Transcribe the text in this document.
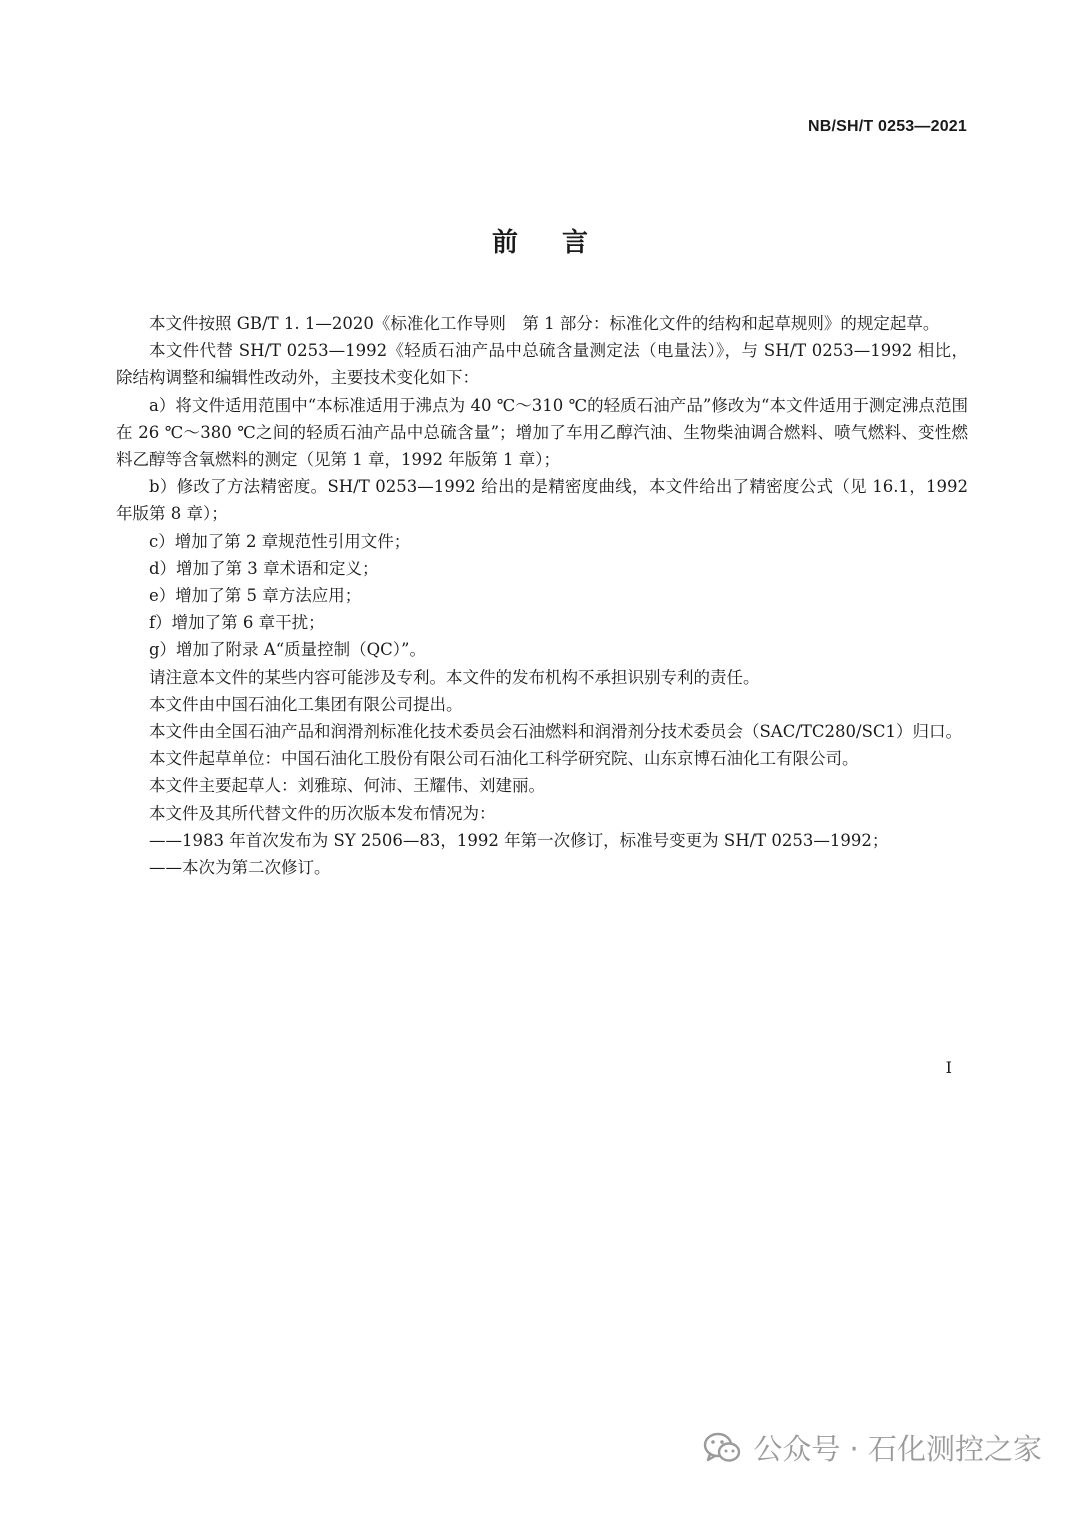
NB/SH/T 0253—2021
前言

本文件按照 GB/T 1. 1—2020《标准化工作导则　第 1 部分：标准化文件的结构和起草规则》的规定起草。

本文件代替 SH/T 0253—1992《轻质石油产品中总硫含量测定法（电量法）》，与 SH/T 0253—1992 相比，除结构调整和编辑性改动外，主要技术变化如下：

a）将文件适用范围中“本标准适用于沸点为 40 ℃～310 ℃的轻质石油产品”修改为“本文件适用于测定沸点范围在 26 ℃～380 ℃之间的轻质石油产品中总硫含量”；增加了车用乙醇汽油、生物柴油调合燃料、喷气燃料、变性燃料乙醇等含氧燃料的测定（见第 1 章，1992 年版第 1 章）；

b）修改了方法精密度。SH/T 0253—1992 给出的是精密度曲线，本文件给出了精密度公式（见 16.1，1992 年版第 8 章）；

c）增加了第 2 章规范性引用文件；

d）增加了第 3 章术语和定义；

e）增加了第 5 章方法应用；

f）增加了第 6 章干扰；

g）增加了附录 A“质量控制（QC）”。

请注意本文件的某些内容可能涉及专利。本文件的发布机构不承担识别专利的责任。

本文件由中国石油化工集团有限公司提出。

本文件由全国石油产品和润滑剂标准化技术委员会石油燃料和润滑剂分技术委员会（SAC/TC280/SC1）归口。

本文件起草单位：中国石油化工股份有限公司石油化工科学研究院、山东京博石油化工有限公司。

本文件主要起草人：刘雅琼、何沛、王耀伟、刘建丽。

本文件及其所代替文件的历次版本发布情况为：

——1983 年首次发布为 SY 2506—83，1992 年第一次修订，标准号变更为 SH/T 0253—1992；

——本次为第二次修订。

I
公众号 · 石化测控之家
